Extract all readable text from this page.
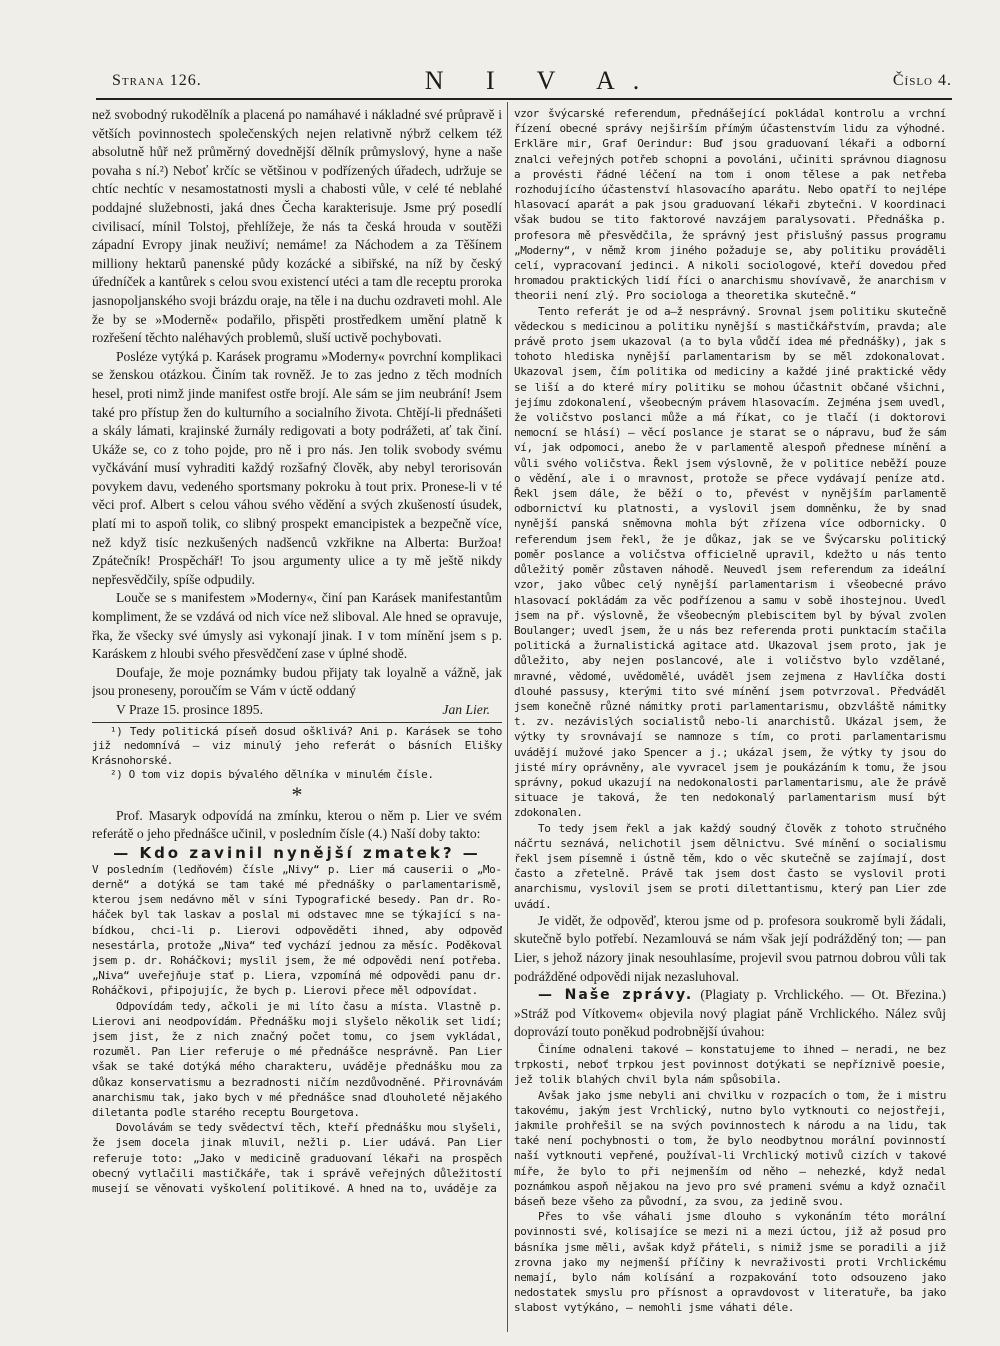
Strana 126.	N I V A.	Číslo 4.

než svobodný rukodělník a placená po namáhavé i nákladné své průpravě i větších povinnostech společenských nejen relativně nýbrž celkem též absolutně hůř než průměrný dovednější dělník průmyslový, hyne a naše povaha s ní.²) Neboť krčíc se většinou v podřízených úřadech, udržuje se chtíc nechtíc v nesamostatnosti mysli a chabosti vůle, v celé té neblahé poddajné služebnosti, jaká dnes Čecha karakterisuje. Jsme prý posedlí civilisací, mínil Tolstoj, přehlížeje, že nás ta česká hrouda v soutěži západní Evropy jinak neuživí; nemáme! za Náchodem a za Těšínem milliony hektarů panenské půdy kozácké a sibiřské, na níž by český úředníček a kantůrek s celou svou existencí utéci a tam dle receptu proroka jasnopoljanského svoji brázdu oraje, na těle i na duchu ozdraveti mohl. Ale že by se »Moderně« podařilo, přispěti prostředkem umění platně k rozřešení těchto naléhavých problemů, sluší uctivě pochybovati.

Posléze vytýká p. Karásek programu »Moderny« povrchní komplikaci se ženskou otázkou. Činím tak rovněž. Je to zas jedno z těch modních hesel, proti nimž jinde manifest ostře brojí. Ale sám se jim neubrání! Jsem také pro přístup žen do kulturního a socialního života. Chtějí-li přednášeti a skály lámati, krajinské žurnály redigovati a boty podrážeti, ať tak činí. Ukáže se, co z toho pojde, pro ně i pro nás. Jen tolik svobody svému vyčkávání musí vyhraditi každý rozšafný člověk, aby nebyl terorisován povykem davu, vedeného sportsmany pokroku à tout prix. Pronese-li v té věci prof. Albert s celou váhou svého vědění a svých zkušeností úsudek, platí mi to aspoň tolik, co slibný prospekt emancipistek a bezpečně více, než když tisíc nezkušených nadšenců vzkřikne na Alberta: Buržoa! Zpátečník! Prospěchář! To jsou argumenty ulice a ty mě ještě nikdy nepřesvědčily, spíše odpudily.

Louče se s manifestem »Moderny«, činí pan Karásek manifestantům kompliment, že se vzdává od nich více než sliboval. Ale hned se opravuje, řka, že všecky své úmysly asi vykonají jinak. I v tom mínění jsem s p. Karáskem z hloubi svého přesvědčení zase v úplné shodě.

Doufaje, že moje poznámky budou přijaty tak loyalně a vážně, jak jsou proneseny, poroučím se Vám v úctě oddaný

V Praze 15. prosince 1895.	Jan Lier.

¹) Tedy politická píseň dosud ošklivá? Ani p. Karásek se toho již nedomnívá — viz minulý jeho referát o básních Elišky Krásnohorské.

²) O tom viz dopis bývalého dělníka v minulém čísle.

*

Prof. Masaryk odpovídá na zmínku, kterou o něm p. Lier ve svém referátě o jeho přednášce učinil, v posledním čísle (4.) Naší doby takto:

— Kdo zavinil nynější zmatek? —

V posledním (ledňovém) čísle „Nivy“ p. Lier má causerii o „Moderně“ a dotýká se tam také mé přednášky o parlamentarismě, kterou jsem nedávno měl v síni Typografické besedy. Pan dr. Roháček byl tak laskav a poslal mi odstavec mne se týkající s nabídkou, chci-li p. Lierovi odpověděti ihned, aby odpověď nesestárla, protože „Niva“ teď vychází jednou za měsíc. Poděkoval jsem p. dr. Roháčkovi; myslil jsem, že mé odpovědi není potřeba. „Niva“ uveřejňuje stať p. Liera, vzpomíná mé odpovědi panu dr. Roháčkovi, připojujíc, že bych p. Lierovi přece měl odpovídat.

Odpovídám tedy, ačkoli je mi líto času a místa. Vlastně p. Lierovi ani neodpovídám. Přednášku moji slyšelo několik set lidí; jsem jist, že z nich značný počet tomu, co jsem vykládal, rozuměl. Pan Lier referuje o mé přednášce nesprávně. Pan Lier však se také dotýká mého charakteru, uváděje přednášku mou za důkaz konservatismu a bezradnosti ničím nezdůvodněné. Přirovnávám anarchismu tak, jako bych v mé přednášce snad dlouholeté nějakého diletanta podle starého receptu Bourgetova.

Dovolávám se tedy svědectví těch, kteří přednášku mou slyšeli, že jsem docela jinak mluvil, nežli p. Lier udává. Pan Lier referuje toto: „Jako v medicině graduovaní lékaři na prospěch obecný vytlačili mastičkáře, tak i správě veřejných důležitostí musejí se věnovati vyškolení politikové. A hned na to, uváděje za

vzor švýcarské referendum, přednášející pokládal kontrolu a vrchní řízení obecné správy nejširším přímým účastenstvím lidu za výhodné. Erkläre mir, Graf Oerindur: Buď jsou graduovaní lékaři a odborní znalci veřejných potřeb schopni a povoláni, učiniti správnou diagnosu a provésti řádné léčení na tom i onom tělese a pak netřeba rozhodujícího účastenství hlasovacího aparátu. Nebo opatří to nejlépe hlasovací aparát a pak jsou graduovaní lékaři zbytečni. V koordinaci však budou se tito faktorové navzájem paralysovati. Přednáška p. profesora mě přesvědčila, že správný jest přislušný passus programu „Moderny“, v němž krom jiného požaduje se, aby politiku prováděli celí, vypracovaní jedinci. A nikoli sociologové, kteří dovedou před hromadou praktických lidí říci o anarchismu shovívavě, že anarchism v theorii není zlý. Pro sociologa a theoretika skutečně.“

Tento referát je od a—ž nesprávný. Srovnal jsem politiku skutečně vědeckou s medicinou a politiku nynější s mastičkářstvím, pravda; ale právě proto jsem ukazoval (a to byla vůdčí idea mé přednášky), jak s tohoto hlediska nynější parlamentarism by se měl zdokonalovat. Ukazoval jsem, čím politika od mediciny a každé jiné praktické vědy se liší a do které míry politiku se mohou účastnit občané všichni, jejímu zdokonalení, všeobecným právem hlasovacím. Zejména jsem uvedl, že voličstvo poslanci může a má říkat, co je tlačí (i doktorovi nemocní se hlásí) — věcí poslance je starat se o nápravu, buď že sám ví, jak odpomoci, anebo že v parlamentě alespoň přednese mínění a vůli svého voličstva. Řekl jsem výslovně, že v politice neběží pouze o vědění, ale i o mravnost, protože se přece vydávají peníze atd. Řekl jsem dále, že běží o to, převést v nynějším parlamentě odbornictví ku platnosti, a vyslovil jsem domněnku, že by snad nynější panská sněmovna mohla být zřízena více odbornicky. O referendum jsem řekl, že je důkaz, jak se ve Švýcarsku politický poměr poslance a voličstva officielně upravil, kdežto u nás tento důležitý poměr zůstaven náhodě. Neuvedl jsem referendum za ideální vzor, jako vůbec celý nynější parlamentarism i všeobecné právo hlasovací pokládám za věc podřízenou a samu v sobě ihostejnou. Uvedl jsem na př. výslovně, že všeobecným plebiscitem byl by býval zvolen Boulanger; uvedl jsem, že u nás bez referenda proti punktacím stačila politická a žurnalistická agitace atd. Ukazoval jsem proto, jak je důležito, aby nejen poslancové, ale i voličstvo bylo vzdělané, mravné, vědomé, uvědomělé, uváděl jsem zejmena z Havlíčka dosti dlouhé passusy, kterými tito své mínění jsem potvrzoval. Předváděl jsem konečně různé námitky proti parlamentarismu, obzvláště námitky t. zv. nezávislých socialistů nebo-li anarchistů. Ukázal jsem, že výtky ty srovnávají se namnoze s tím, co proti parlamentarismu uvádějí mužové jako Spencer a j.; ukázal jsem, že výtky ty jsou do jisté míry oprávněny, ale vyvracel jsem je poukázáním k tomu, že jsou správny, pokud ukazují na nedokonalosti parlamentarismu, ale že právě situace je taková, že ten nedokonalý parlamentarism musí být zdokonalen.

To tedy jsem řekl a jak každý soudný člověk z tohoto stručného náčrtu seznává, nelichotil jsem dělnictvu. Své mínění o socialismu řekl jsem písemně i ústně těm, kdo o věc skutečně se zajímají, dost často a zřetelně. Právě tak jsem dost často se vyslovil proti anarchismu, vyslovil jsem se proti dilettantismu, který pan Lier zde uvádí.

Je vidět, že odpověď, kterou jsme od p. profesora soukromě byli žádali, skutečně bylo potřebí. Nezamlouvá se nám však její podrážděný ton; — pan Lier, s jehož názory jinak nesouhlasíme, projevil svou patrnou dobrou vůli tak podrážděné odpovědi nijak nezasluhoval.

— Naše zprávy. (Plagiaty p. Vrchlického. — Ot. Březina.) »Stráž pod Vítkovem« objevila nový plagiat páně Vrchlického. Nález svůj doprovází touto poněkud podrobnější úvahou:

Činíme odnaleni takové — konstatujeme to ihned — neradi, ne bez trpkosti, neboť trpkou jest povinnost dotýkati se nepříznivě poesie, jež tolik blahých chvil byla nám spůsobila.

Avšak jako jsme nebyli ani chvilku v rozpacích o tom, že i mistru takovému, jakým jest Vrchlický, nutno bylo vytknouti co nejostřeji, jakmile prohřešil se na svých povinnostech k národu a na lidu, tak také není pochybnosti o tom, že bylo neodbytnou morální povinností naší vytknouti vepřené, používal-li Vrchlický motivů cizích v takové míře, že bylo to při nejmenším od něho — nehezké, když nedal poznámkou aspoň nějakou na jevo pro své prameni svému a když označil báseň beze všeho za původní, za svou, za jedině svou.

Přes to vše váhali jsme dlouho s vykonáním této morální povinnosti své, kolisajíce se mezi ni a mezi úctou, již až posud pro básníka jsme měli, avšak když přáteli, s nimiž jsme se poradili a již zrovna jako my nejmenší příčiny k nevraživosti proti Vrchlickému nemají, bylo nám kolísání a rozpakování toto odsouzeno jako nedostatek smyslu pro přísnost a opravdovost v literatuře, ba jako slabost vytýkáno, — nemohli jsme váhati déle.
